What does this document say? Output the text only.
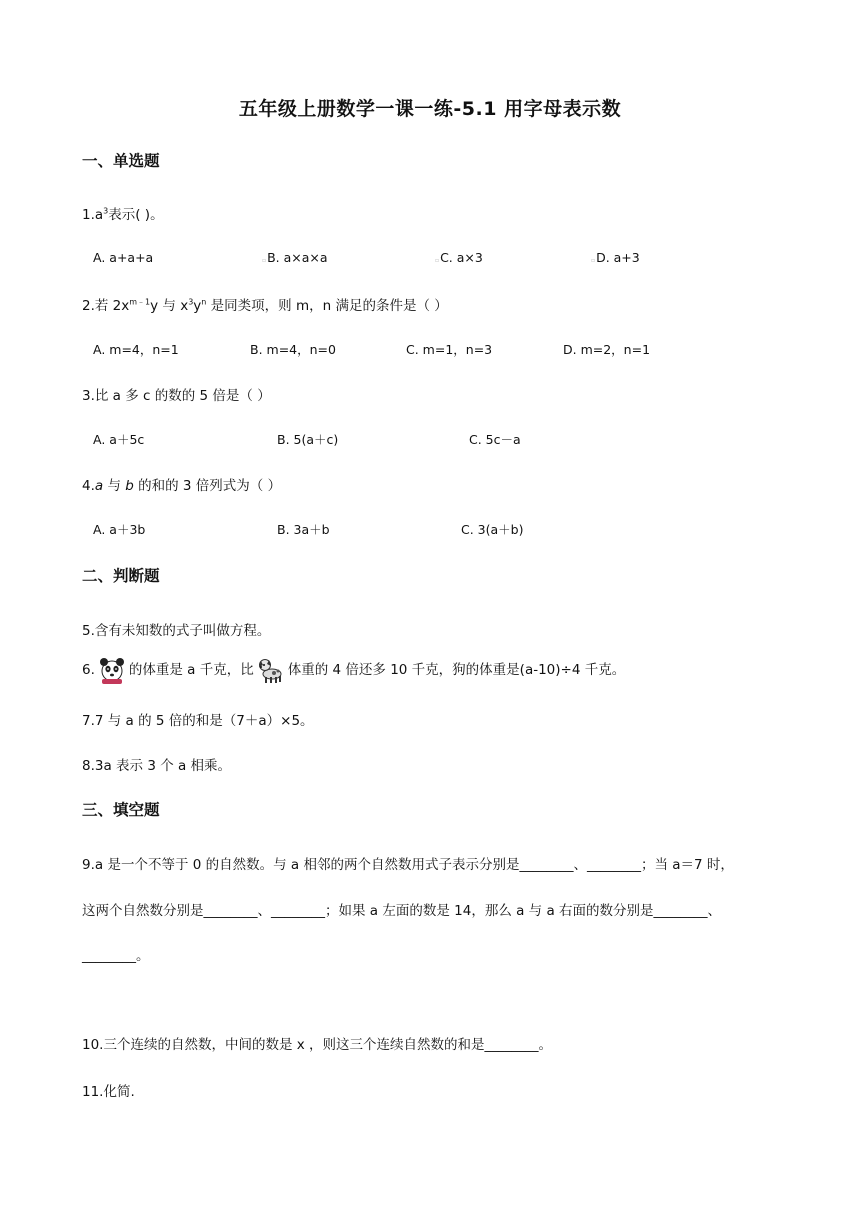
五年级上册数学一课一练-5.1 用字母表示数
一、单选题
$1.a^3$表示( )。
A. a+a+a	▫B. a×a×a	▫C. a×3	▫D. a+3
2.若 $2x^{m﹣1}y$ 与 $x^3y^n$ 是同类项，则 m，n 满足的条件是（ ）
A. m=4，n=1	B. m=4，n=0	C. m=1，n=3	D. m=2，n=1
3.比 a 多 c 的数的 5 倍是（ ）
A. a＋5c	B. 5(a＋c)	C. 5c－a
4.a 与 b 的和的 3 倍列式为（ ）
A. a＋3b	B. 3a＋b	C. 3(a＋b)
二、判断题
5.含有未知数的式子叫做方程。
6.	的体重是 a 千克，比	体重的 4 倍还多 10 千克，狗的体重是(a-10)÷4 千克。
7.7 与 a 的 5 倍的和是（7＋a）×5。
8.3a 表示 3 个 a 相乘。
三、填空题
9.a 是一个不等于 0 的自然数。与 a 相邻的两个自然数用式子表示分别是________、________；当 a＝7 时，
这两个自然数分别是________、________；如果 a 左面的数是 14，那么 a 与 a 右面的数分别是________、
________。
10.三个连续的自然数，中间的数是 x ，则这三个连续自然数的和是________。
11.化简.
